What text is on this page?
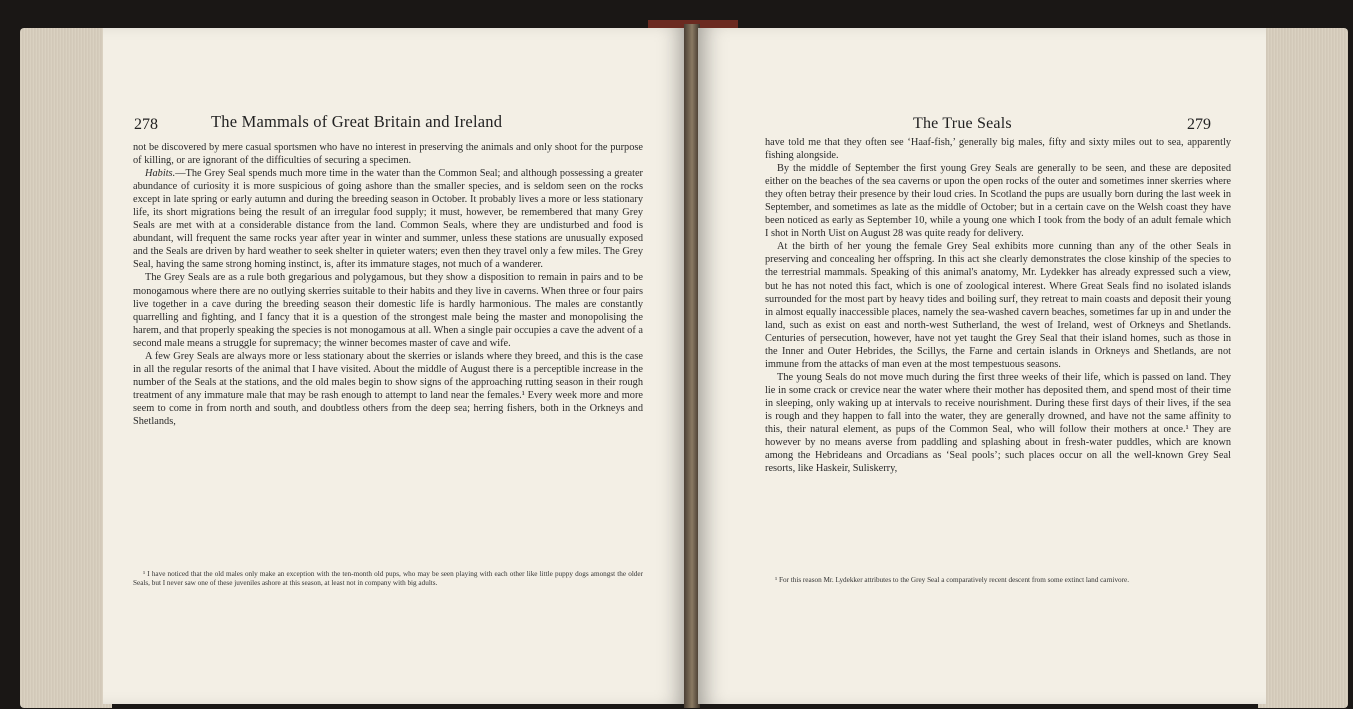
278	The Mammals of Great Britain and Ireland

not be discovered by mere casual sportsmen who have no interest in preserving the animals and only shoot for the purpose of killing, or are ignorant of the difficulties of securing a specimen.

Habits.—The Grey Seal spends much more time in the water than the Common Seal; and although possessing a greater abundance of curiosity it is more suspicious of going ashore than the smaller species, and is seldom seen on the rocks except in late spring or early autumn and during the breeding season in October. It probably lives a more or less stationary life, its short migrations being the result of an irregular food supply; it must, however, be remembered that many Grey Seals are met with at a considerable distance from the land. Common Seals, where they are undisturbed and food is abundant, will frequent the same rocks year after year in winter and summer, unless these stations are unusually exposed and the Seals are driven by hard weather to seek shelter in quieter waters; even then they travel only a few miles. The Grey Seal, having the same strong homing instinct, is, after its immature stages, not much of a wanderer.

The Grey Seals are as a rule both gregarious and polygamous, but they show a disposition to remain in pairs and to be monogamous where there are no outlying skerries suitable to their habits and they live in caverns. When three or four pairs live together in a cave during the breeding season their domestic life is hardly harmonious. The males are constantly quarrelling and fighting, and I fancy that it is a question of the strongest male being the master and monopolising the harem, and that properly speaking the species is not monogamous at all. When a single pair occupies a cave the advent of a second male means a struggle for supremacy; the winner becomes master of cave and wife.

A few Grey Seals are always more or less stationary about the skerries or islands where they breed, and this is the case in all the regular resorts of the animal that I have visited. About the middle of August there is a perceptible increase in the number of the Seals at the stations, and the old males begin to show signs of the approaching rutting season in their rough treatment of any immature male that may be rash enough to attempt to land near the females.¹ Every week more and more seem to come in from north and south, and doubtless others from the deep sea; herring fishers, both in the Orkneys and Shetlands,

¹ I have noticed that the old males only make an exception with the ten-month old pups, who may be seen playing with each other like little puppy dogs amongst the older Seals, but I never saw one of these juveniles ashore at this season, at least not in company with big adults.

The True Seals	279

have told me that they often see ‘Haaf-fish,’ generally big males, fifty and sixty miles out to sea, apparently fishing alongside.

By the middle of September the first young Grey Seals are generally to be seen, and these are deposited either on the beaches of the sea caverns or upon the open rocks of the outer and sometimes inner skerries where they often betray their presence by their loud cries. In Scotland the pups are usually born during the last week in September, and sometimes as late as the middle of October; but in a certain cave on the Welsh coast they have been noticed as early as September 10, while a young one which I took from the body of an adult female which I shot in North Uist on August 28 was quite ready for delivery.

At the birth of her young the female Grey Seal exhibits more cunning than any of the other Seals in preserving and concealing her offspring. In this act she clearly demonstrates the close kinship of the species to the terrestrial mammals. Speaking of this animal's anatomy, Mr. Lydekker has already expressed such a view, but he has not noted this fact, which is one of zoological interest. Where Great Seals find no isolated islands surrounded for the most part by heavy tides and boiling surf, they retreat to main coasts and deposit their young in almost equally inaccessible places, namely the sea-washed cavern beaches, sometimes far up in and under the land, such as exist on east and north-west Sutherland, the west of Ireland, west of Orkneys and Shetlands. Centuries of persecution, however, have not yet taught the Grey Seal that their island homes, such as those in the Inner and Outer Hebrides, the Scillys, the Farne and certain islands in Orkneys and Shetlands, are not immune from the attacks of man even at the most tempestuous seasons.

The young Seals do not move much during the first three weeks of their life, which is passed on land. They lie in some crack or crevice near the water where their mother has deposited them, and spend most of their time in sleeping, only waking up at intervals to receive nourishment. During these first days of their lives, if the sea is rough and they happen to fall into the water, they are generally drowned, and have not the same affinity to this, their natural element, as pups of the Common Seal, who will follow their mothers at once.¹ They are however by no means averse from paddling and splashing about in fresh-water puddles, which are known among the Hebrideans and Orcadians as ‘Seal pools’; such places occur on all the well-known Grey Seal resorts, like Haskeir, Suliskerry,

¹ For this reason Mr. Lydekker attributes to the Grey Seal a comparatively recent descent from some extinct land carnivore.
